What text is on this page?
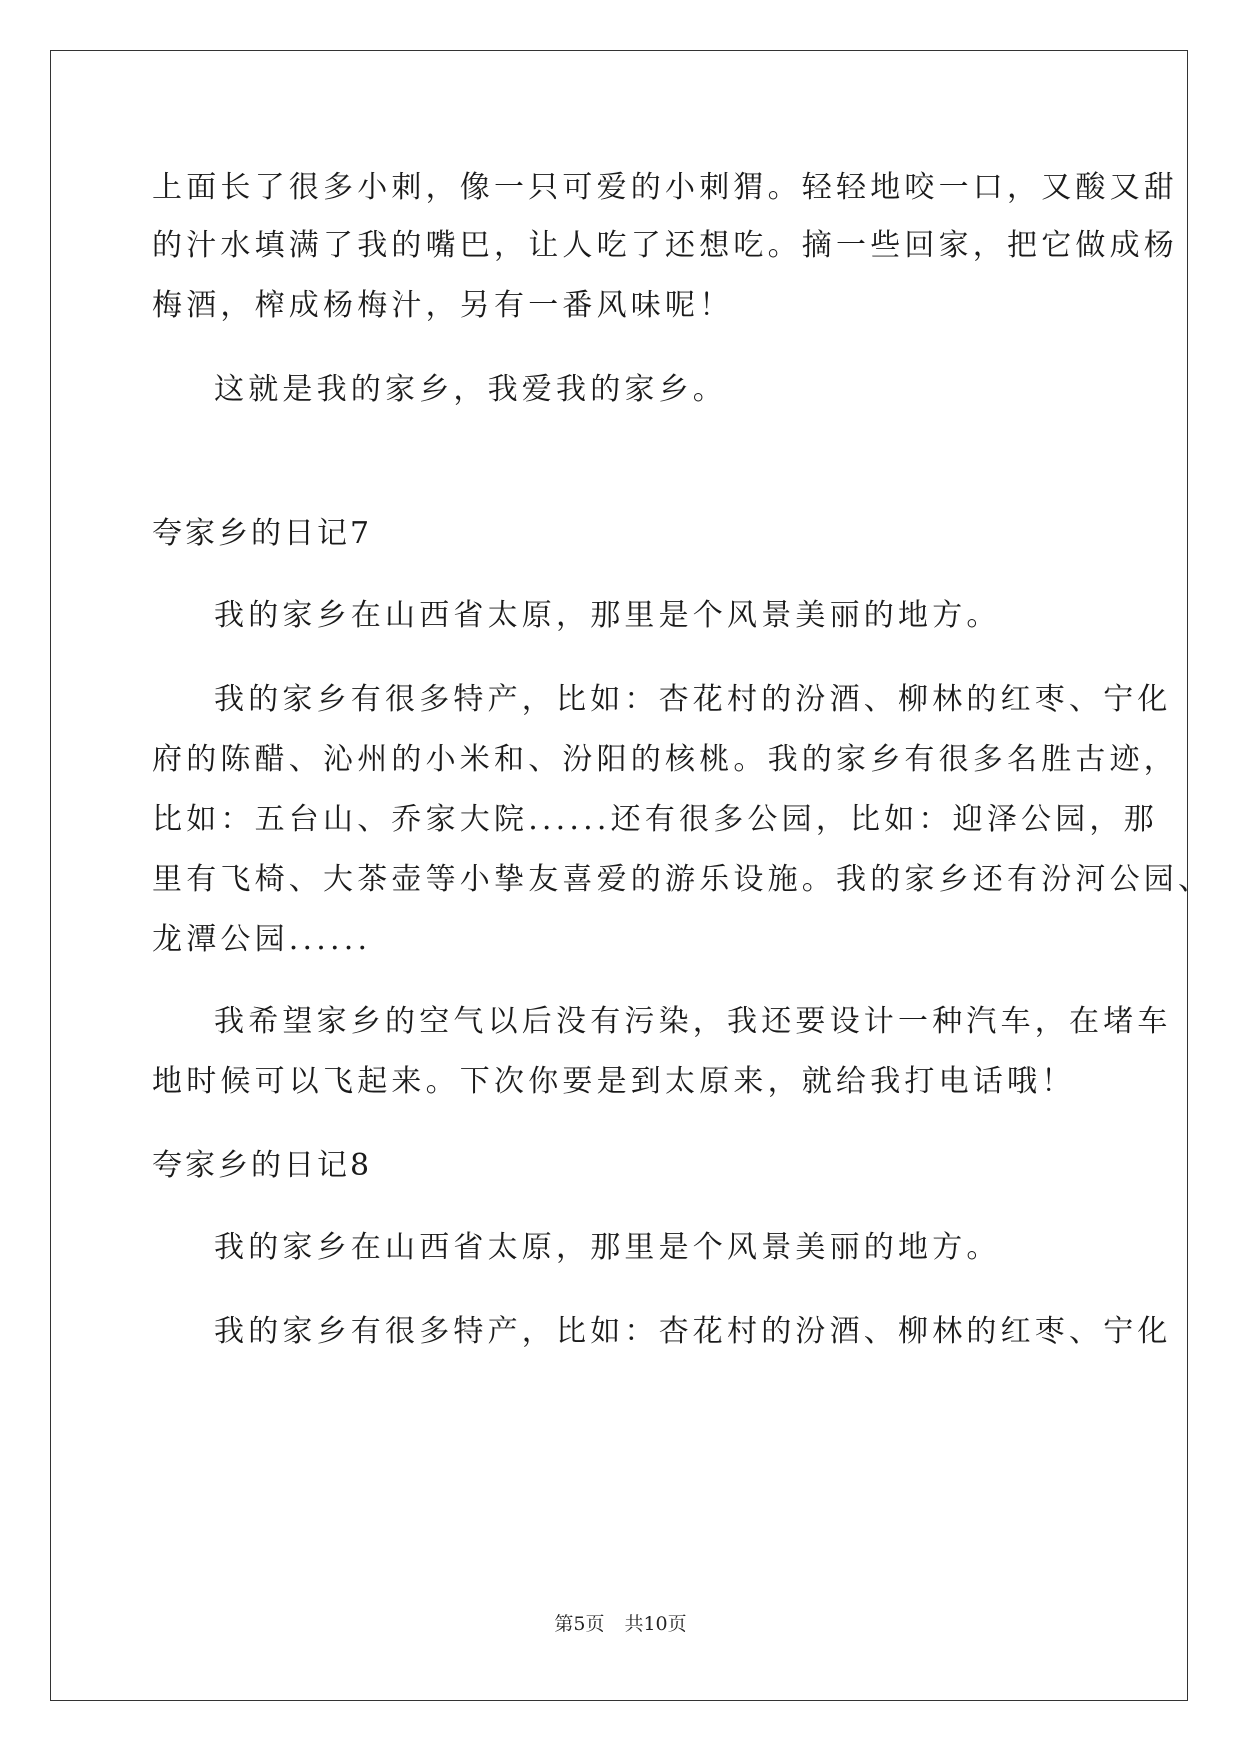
上面长了很多小刺，像一只可爱的小刺猬。轻轻地咬一口，又酸又甜

的汁水填满了我的嘴巴，让人吃了还想吃。摘一些回家，把它做成杨

梅酒，榨成杨梅汁，另有一番风味呢！

这就是我的家乡，我爱我的家乡。

夸家乡的日记7

我的家乡在山西省太原，那里是个风景美丽的地方。

我的家乡有很多特产，比如：杏花村的汾酒、柳林的红枣、宁化

府的陈醋、沁州的小米和、汾阳的核桃。我的家乡有很多名胜古迹，

比如：五台山、乔家大院......还有很多公园，比如：迎泽公园，那

里有飞椅、大茶壶等小挚友喜爱的游乐设施。我的家乡还有汾河公园、

龙潭公园......

我希望家乡的空气以后没有污染，我还要设计一种汽车，在堵车

地时候可以飞起来。下次你要是到太原来，就给我打电话哦！

夸家乡的日记8

我的家乡在山西省太原，那里是个风景美丽的地方。

我的家乡有很多特产，比如：杏花村的汾酒、柳林的红枣、宁化

第5页 共10页
